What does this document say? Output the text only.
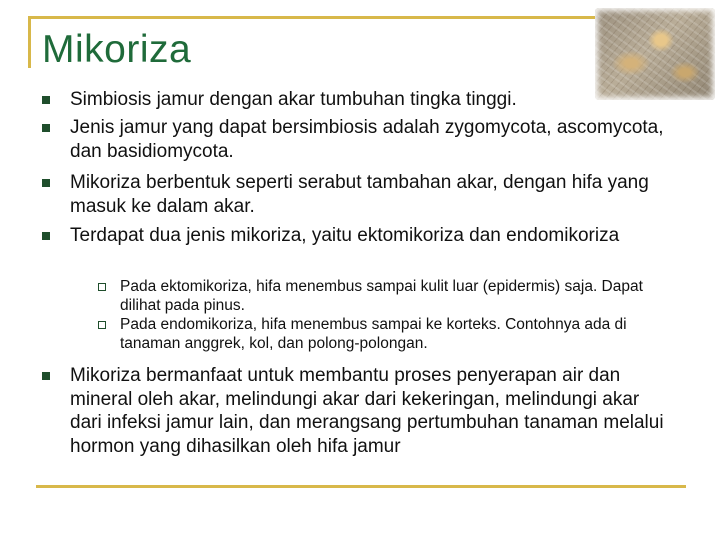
Mikoriza
Simbiosis jamur dengan akar tumbuhan tingka tinggi.
Jenis jamur yang dapat bersimbiosis adalah zygomycota, ascomycota, dan basidiomycota.
Mikoriza berbentuk seperti serabut tambahan akar, dengan hifa yang masuk ke dalam akar.
Terdapat dua jenis mikoriza, yaitu ektomikoriza dan endomikoriza
Pada ektomikoriza, hifa menembus sampai kulit luar (epidermis) saja. Dapat dilihat pada pinus.
Pada endomikoriza, hifa menembus sampai ke korteks. Contohnya ada di tanaman anggrek, kol, dan polong-polongan.
Mikoriza bermanfaat untuk membantu proses penyerapan air dan mineral oleh akar, melindungi akar dari kekeringan, melindungi akar dari infeksi jamur lain, dan merangsang pertumbuhan tanaman melalui hormon yang dihasilkan oleh hifa jamur
